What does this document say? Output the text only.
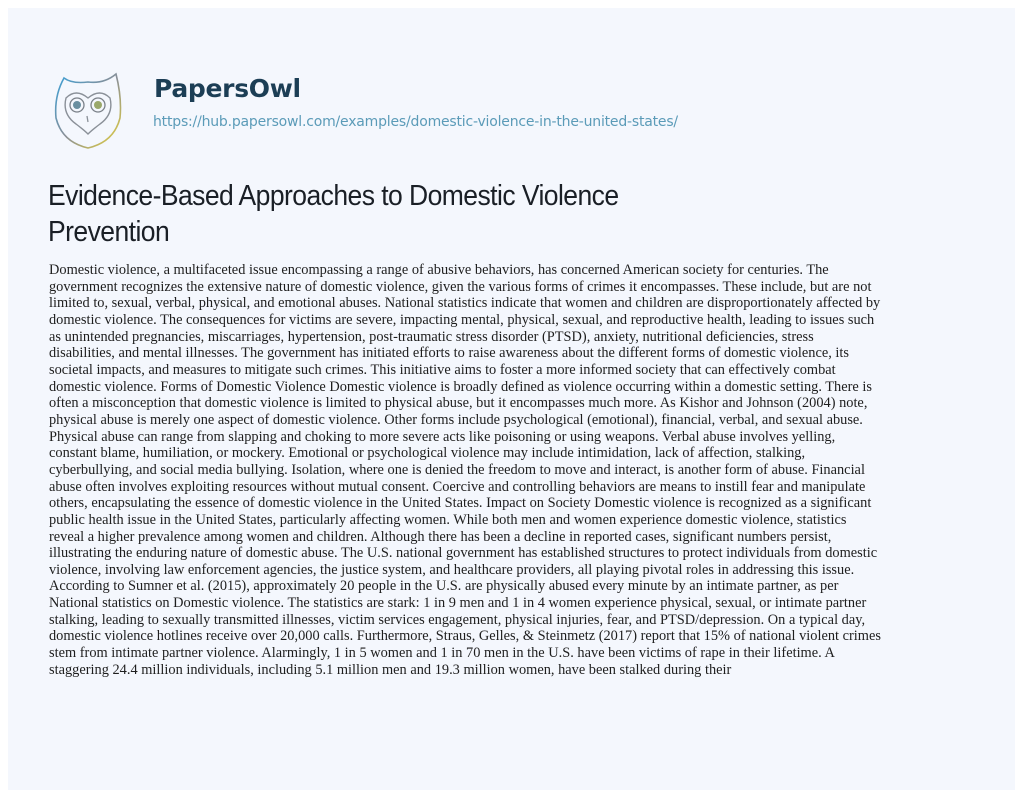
PapersOwl
https://hub.papersowl.com/examples/domestic-violence-in-the-united-states/
Evidence-Based Approaches to Domestic Violence
Prevention
Domestic violence, a multifaceted issue encompassing a range of abusive behaviors, has concerned American society for centuries. The
government recognizes the extensive nature of domestic violence, given the various forms of crimes it encompasses. These include, but are not
limited to, sexual, verbal, physical, and emotional abuses. National statistics indicate that women and children are disproportionately affected by
domestic violence. The consequences for victims are severe, impacting mental, physical, sexual, and reproductive health, leading to issues such
as unintended pregnancies, miscarriages, hypertension, post-traumatic stress disorder (PTSD), anxiety, nutritional deficiencies, stress
disabilities, and mental illnesses. The government has initiated efforts to raise awareness about the different forms of domestic violence, its
societal impacts, and measures to mitigate such crimes. This initiative aims to foster a more informed society that can effectively combat
domestic violence. Forms of Domestic Violence Domestic violence is broadly defined as violence occurring within a domestic setting. There is
often a misconception that domestic violence is limited to physical abuse, but it encompasses much more. As Kishor and Johnson (2004) note,
physical abuse is merely one aspect of domestic violence. Other forms include psychological (emotional), financial, verbal, and sexual abuse.
Physical abuse can range from slapping and choking to more severe acts like poisoning or using weapons. Verbal abuse involves yelling,
constant blame, humiliation, or mockery. Emotional or psychological violence may include intimidation, lack of affection, stalking,
cyberbullying, and social media bullying. Isolation, where one is denied the freedom to move and interact, is another form of abuse. Financial
abuse often involves exploiting resources without mutual consent. Coercive and controlling behaviors are means to instill fear and manipulate
others, encapsulating the essence of domestic violence in the United States. Impact on Society Domestic violence is recognized as a significant
public health issue in the United States, particularly affecting women. While both men and women experience domestic violence, statistics
reveal a higher prevalence among women and children. Although there has been a decline in reported cases, significant numbers persist,
illustrating the enduring nature of domestic abuse. The U.S. national government has established structures to protect individuals from domestic
violence, involving law enforcement agencies, the justice system, and healthcare providers, all playing pivotal roles in addressing this issue.
According to Sumner et al. (2015), approximately 20 people in the U.S. are physically abused every minute by an intimate partner, as per
National statistics on Domestic violence. The statistics are stark: 1 in 9 men and 1 in 4 women experience physical, sexual, or intimate partner
stalking, leading to sexually transmitted illnesses, victim services engagement, physical injuries, fear, and PTSD/depression. On a typical day,
domestic violence hotlines receive over 20,000 calls. Furthermore, Straus, Gelles, & Steinmetz (2017) report that 15% of national violent crimes
stem from intimate partner violence. Alarmingly, 1 in 5 women and 1 in 70 men in the U.S. have been victims of rape in their lifetime. A
staggering 24.4 million individuals, including 5.1 million men and 19.3 million women, have been stalked during their
